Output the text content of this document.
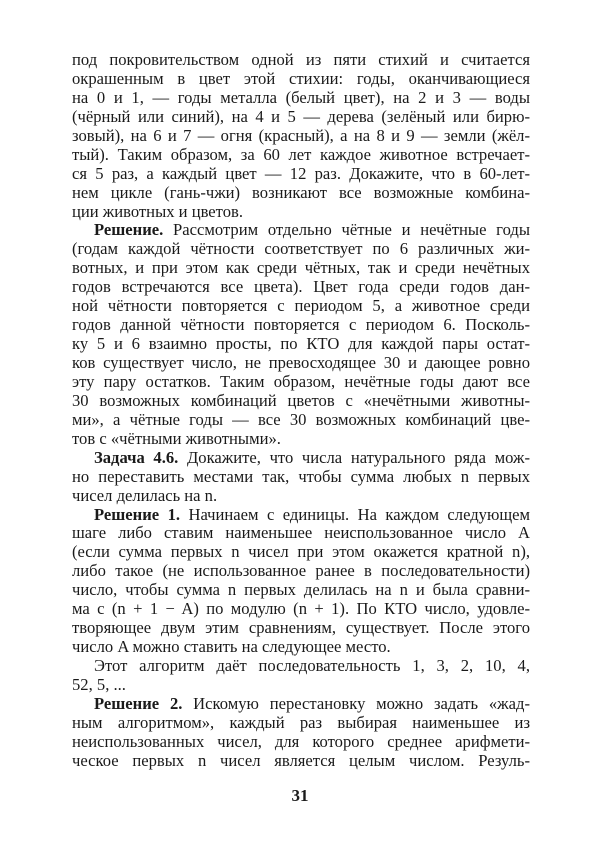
под покровительством одной из пяти стихий и считается
окрашенным в цвет этой стихии: годы, оканчивающиеся
на 0 и 1, — годы металла (белый цвет), на 2 и 3 — воды
(чёрный или синий), на 4 и 5 — дерева (зелёный или бирю-
зовый), на 6 и 7 — огня (красный), а на 8 и 9 — земли (жёл-
тый). Таким образом, за 60 лет каждое животное встречает-
ся 5 раз, а каждый цвет — 12 раз. Докажите, что в 60-лет-
нем цикле (гань-чжи) возникают все возможные комбина-
ции животных и цветов.
Решение. Рассмотрим отдельно чётные и нечётные годы
(годам каждой чётности соответствует по 6 различных жи-
вотных, и при этом как среди чётных, так и среди нечётных
годов встречаются все цвета). Цвет года среди годов дан-
ной чётности повторяется с периодом 5, а животное среди
годов данной чётности повторяется с периодом 6. Посколь-
ку 5 и 6 взаимно просты, по КТО для каждой пары остат-
ков существует число, не превосходящее 30 и дающее ровно
эту пару остатков. Таким образом, нечётные годы дают все
30 возможных комбинаций цветов с «нечётными животны-
ми», а чётные годы — все 30 возможных комбинаций цве-
тов с «чётными животными».
Задача 4.6. Докажите, что числа натурального ряда мож-
но переставить местами так, чтобы сумма любых n первых
чисел делилась на n.
Решение 1. Начинаем с единицы. На каждом следующем
шаге либо ставим наименьшее неиспользованное число A
(если сумма первых n чисел при этом окажется кратной n),
либо такое (не использованное ранее в последовательности)
число, чтобы сумма n первых делилась на n и была сравни-
ма с (n + 1 − A) по модулю (n + 1). По КТО число, удовле-
творяющее двум этим сравнениям, существует. После этого
число A можно ставить на следующее место.
Этот алгоритм даёт последовательность 1, 3, 2, 10, 4,
52, 5, ...
Решение 2. Искомую перестановку можно задать «жад-
ным алгоритмом», каждый раз выбирая наименьшее из
неиспользованных чисел, для которого среднее арифмети-
ческое первых n чисел является целым числом. Резуль-
31
